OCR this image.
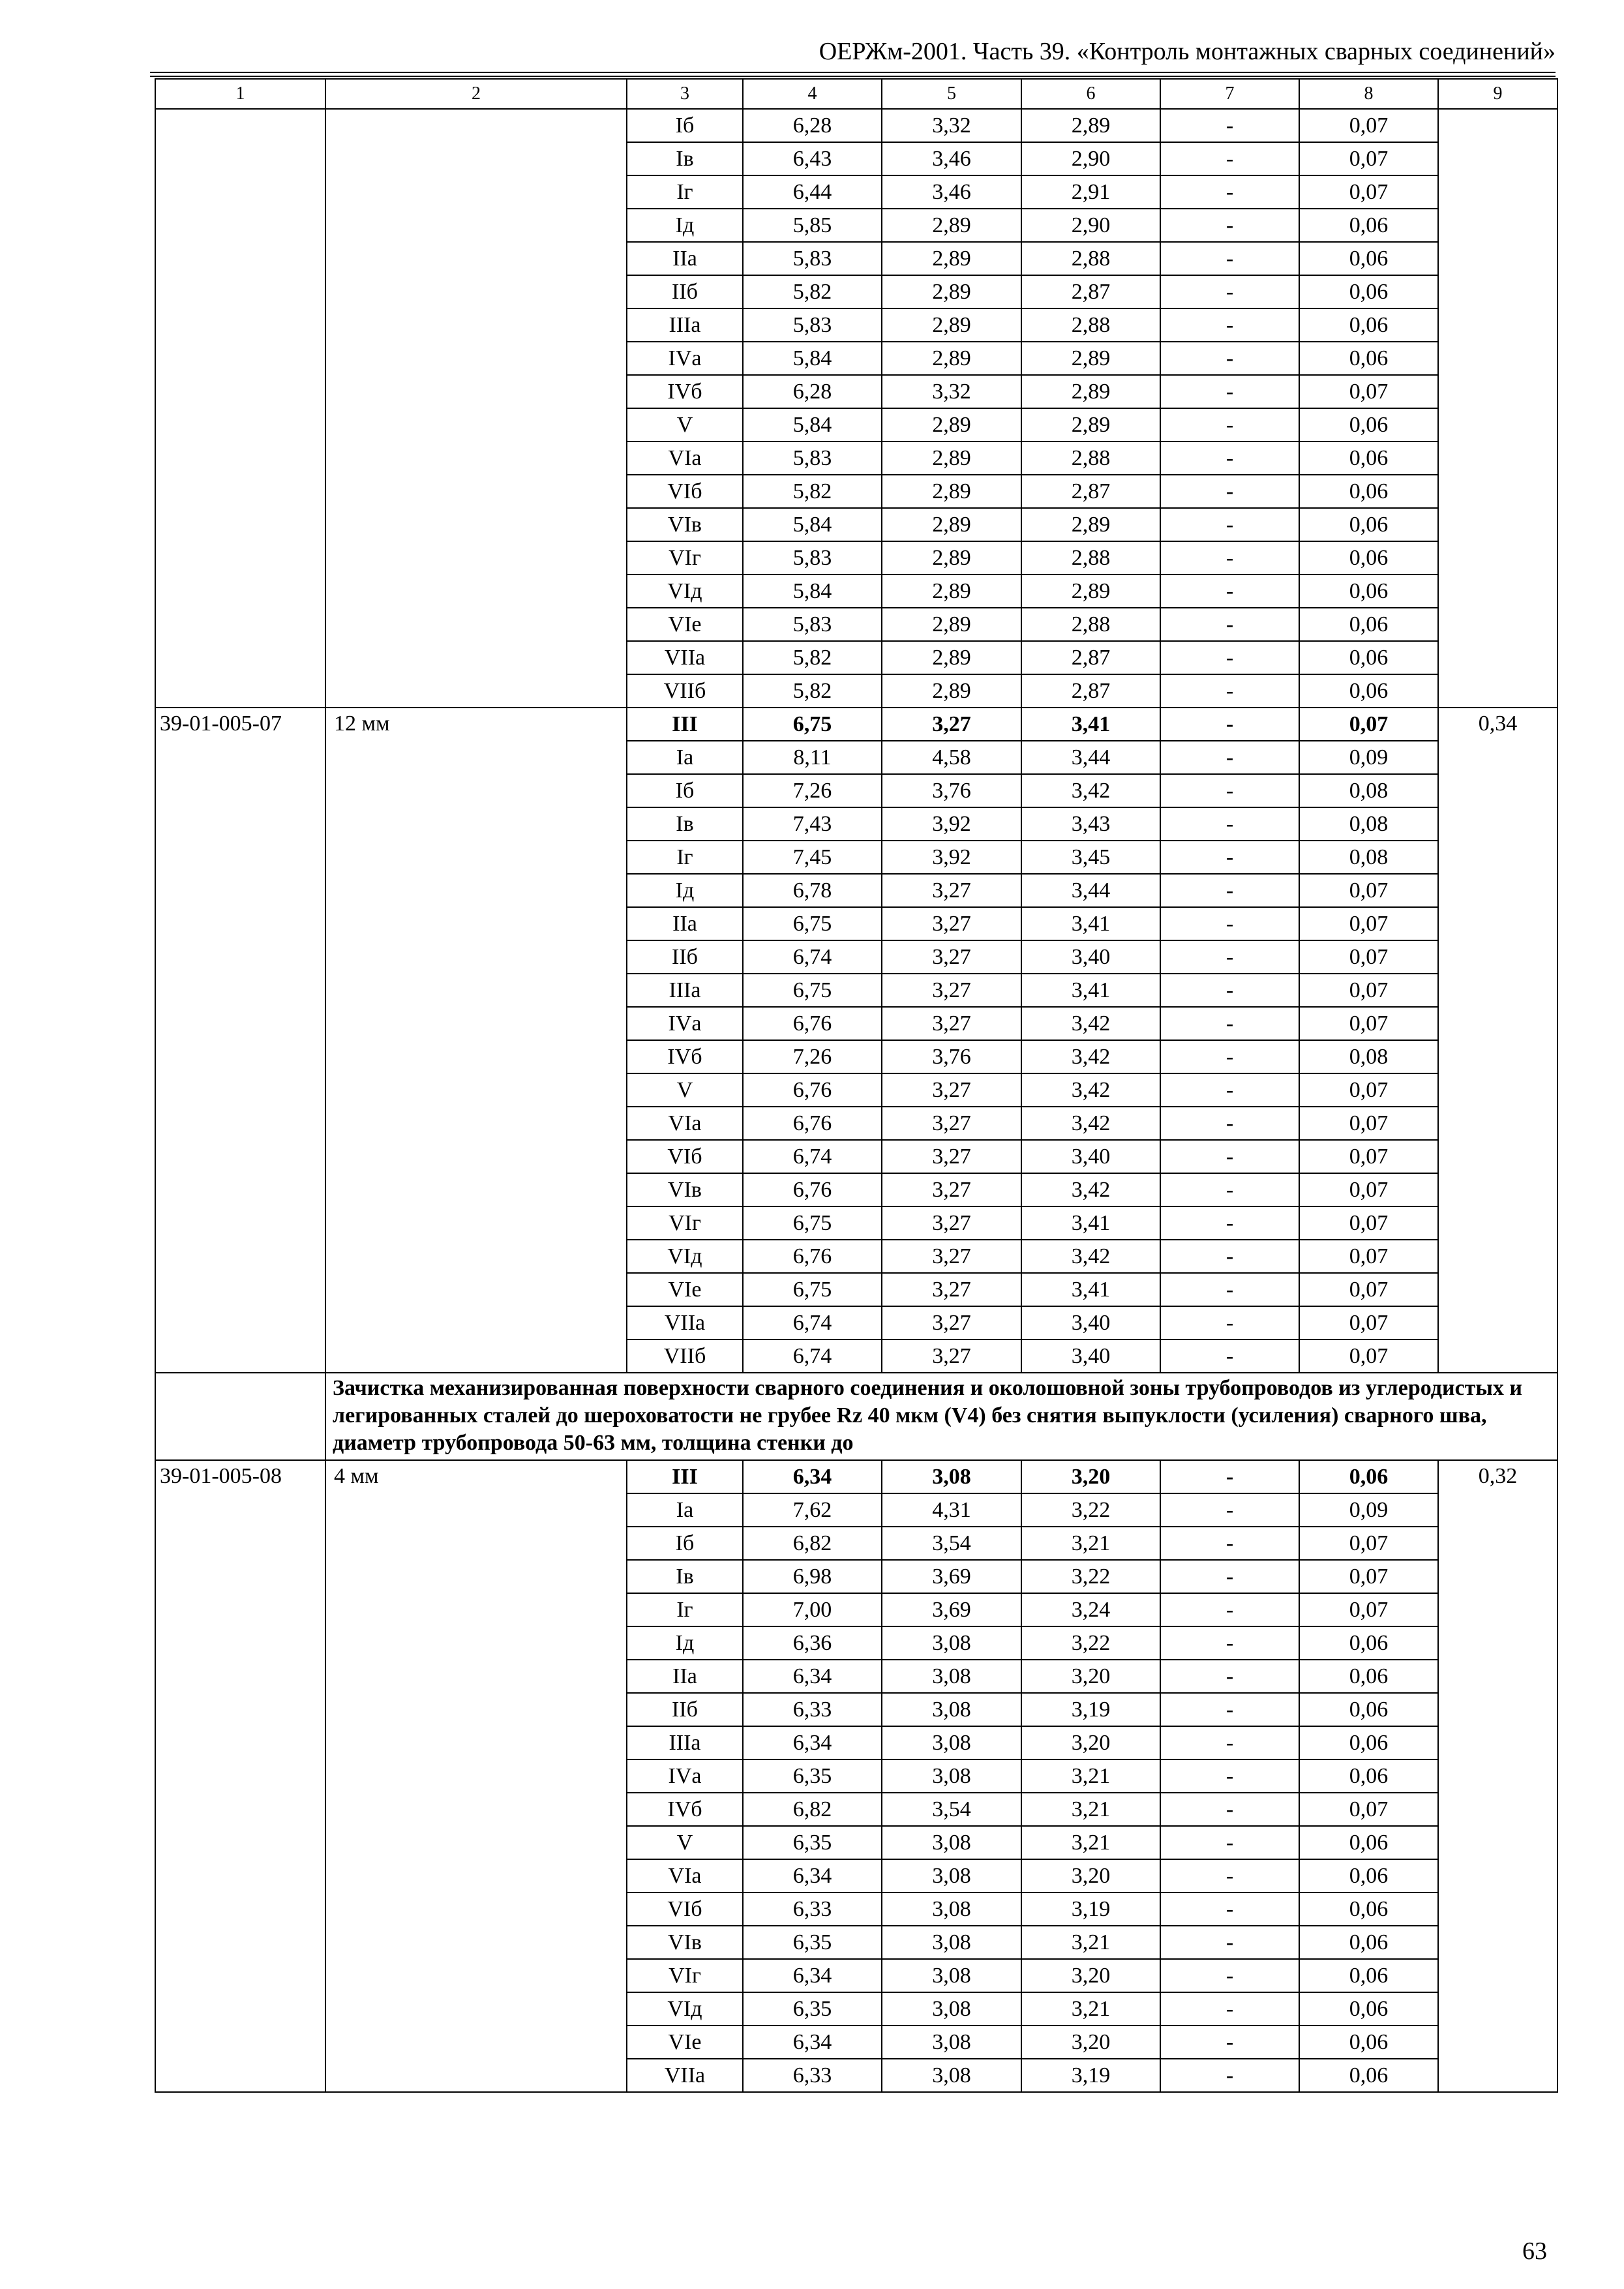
ОЕРЖм-2001. Часть 39. «Контроль монтажных сварных соединений»
1	2	3	4	5	6	7	8	9
		Iб	6,28	3,32	2,89	-	0,07	
		Iв	6,43	3,46	2,90	-	0,07	
		Iг	6,44	3,46	2,91	-	0,07	
		Iд	5,85	2,89	2,90	-	0,06	
		IIа	5,83	2,89	2,88	-	0,06	
		IIб	5,82	2,89	2,87	-	0,06	
		IIIа	5,83	2,89	2,88	-	0,06	
		IVа	5,84	2,89	2,89	-	0,06	
		IVб	6,28	3,32	2,89	-	0,07	
		V	5,84	2,89	2,89	-	0,06	
		VIа	5,83	2,89	2,88	-	0,06	
		VIб	5,82	2,89	2,87	-	0,06	
		VIв	5,84	2,89	2,89	-	0,06	
		VIг	5,83	2,89	2,88	-	0,06	
		VIд	5,84	2,89	2,89	-	0,06	
		VIе	5,83	2,89	2,88	-	0,06	
		VIIа	5,82	2,89	2,87	-	0,06	
		VIIб	5,82	2,89	2,87	-	0,06	
39-01-005-07	12 мм	III	6,75	3,27	3,41	-	0,07	0,34
		Iа	8,11	4,58	3,44	-	0,09	
		Iб	7,26	3,76	3,42	-	0,08	
		Iв	7,43	3,92	3,43	-	0,08	
		Iг	7,45	3,92	3,45	-	0,08	
		Iд	6,78	3,27	3,44	-	0,07	
		IIа	6,75	3,27	3,41	-	0,07	
		IIб	6,74	3,27	3,40	-	0,07	
		IIIа	6,75	3,27	3,41	-	0,07	
		IVа	6,76	3,27	3,42	-	0,07	
		IVб	7,26	3,76	3,42	-	0,08	
		V	6,76	3,27	3,42	-	0,07	
		VIа	6,76	3,27	3,42	-	0,07	
		VIб	6,74	3,27	3,40	-	0,07	
		VIв	6,76	3,27	3,42	-	0,07	
		VIг	6,75	3,27	3,41	-	0,07	
		VIд	6,76	3,27	3,42	-	0,07	
		VIе	6,75	3,27	3,41	-	0,07	
		VIIа	6,74	3,27	3,40	-	0,07	
		VIIб	6,74	3,27	3,40	-	0,07	
	Зачистка механизированная поверхности сварного соединения и околошовной зоны трубопроводов из углеродистых и легированных сталей до шероховатости не грубее Rz 40 мкм (V4) без снятия выпуклости (усиления) сварного шва, диаметр трубопровода 50-63 мм, толщина стенки до							
39-01-005-08	4 мм	III	6,34	3,08	3,20	-	0,06	0,32
		Iа	7,62	4,31	3,22	-	0,09	
		Iб	6,82	3,54	3,21	-	0,07	
		Iв	6,98	3,69	3,22	-	0,07	
		Iг	7,00	3,69	3,24	-	0,07	
		Iд	6,36	3,08	3,22	-	0,06	
		IIа	6,34	3,08	3,20	-	0,06	
		IIб	6,33	3,08	3,19	-	0,06	
		IIIа	6,34	3,08	3,20	-	0,06	
		IVа	6,35	3,08	3,21	-	0,06	
		IVб	6,82	3,54	3,21	-	0,07	
		V	6,35	3,08	3,21	-	0,06	
		VIа	6,34	3,08	3,20	-	0,06	
		VIб	6,33	3,08	3,19	-	0,06	
		VIв	6,35	3,08	3,21	-	0,06	
		VIг	6,34	3,08	3,20	-	0,06	
		VIд	6,35	3,08	3,21	-	0,06	
		VIе	6,34	3,08	3,20	-	0,06	
		VIIа	6,33	3,08	3,19	-	0,06	
63
